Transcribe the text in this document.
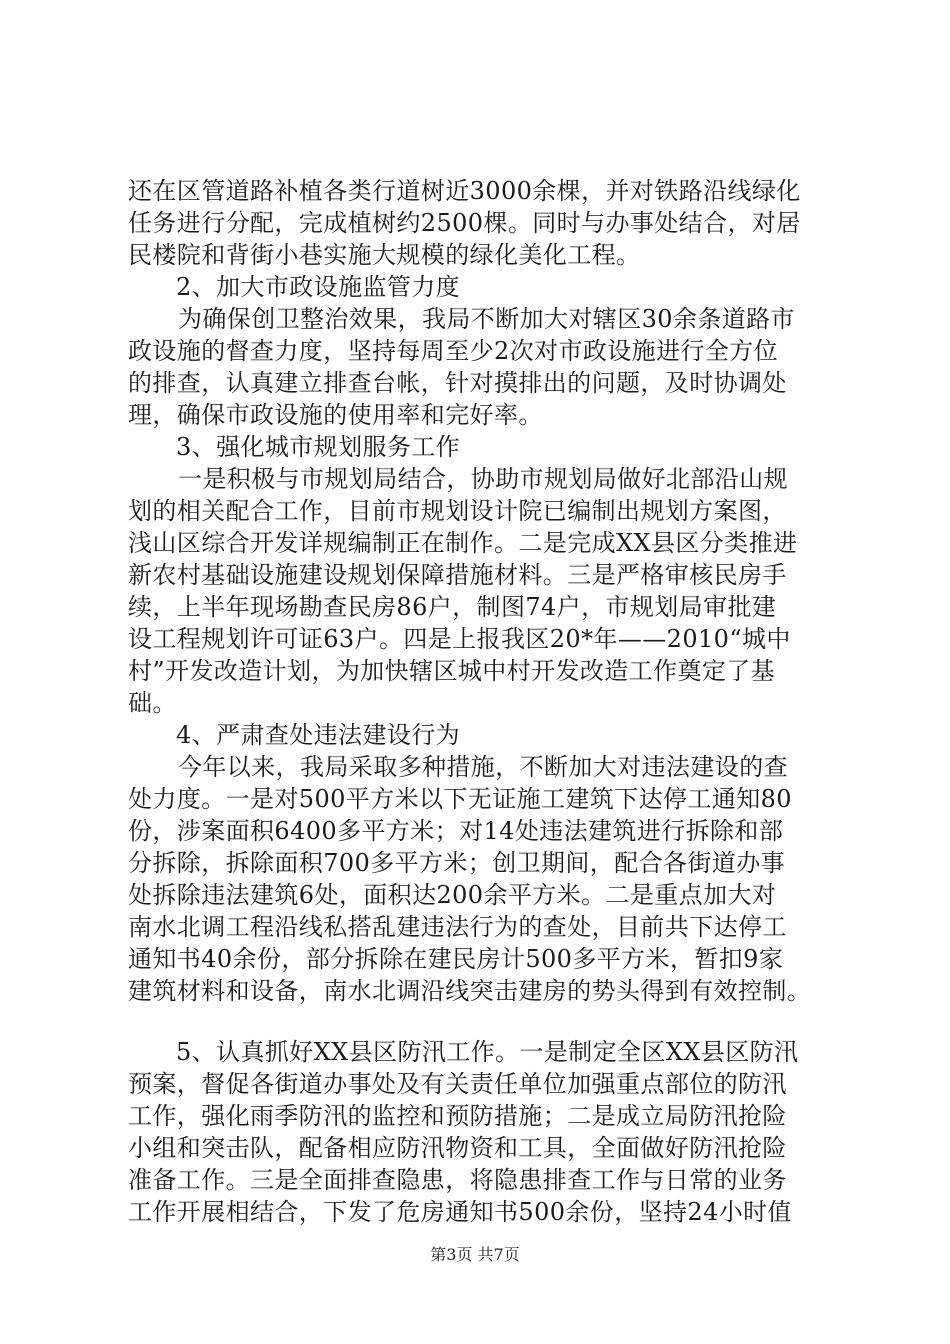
还在区管道路补植各类行道树近3000余棵，并对铁路沿线绿化
任务进行分配，完成植树约2500棵。同时与办事处结合，对居
民楼院和背街小巷实施大规模的绿化美化工程。
2、加大市政设施监管力度
为确保创卫整治效果，我局不断加大对辖区30余条道路市
政设施的督查力度，坚持每周至少2次对市政设施进行全方位
的排查，认真建立排查台帐，针对摸排出的问题，及时协调处
理，确保市政设施的使用率和完好率。
3、强化城市规划服务工作
一是积极与市规划局结合，协助市规划局做好北部沿山规
划的相关配合工作，目前市规划设计院已编制出规划方案图，
浅山区综合开发详规编制正在制作。二是完成XX县区分类推进
新农村基础设施建设规划保障措施材料。三是严格审核民房手
续，上半年现场勘查民房86户，制图74户，市规划局审批建
设工程规划许可证63户。四是上报我区20*年——2010“城中
村”开发改造计划，为加快辖区城中村开发改造工作奠定了基
础。
4、严肃查处违法建设行为
今年以来，我局采取多种措施，不断加大对违法建设的查
处力度。一是对500平方米以下无证施工建筑下达停工通知80
份，涉案面积6400多平方米；对14处违法建筑进行拆除和部
分拆除，拆除面积700多平方米；创卫期间，配合各街道办事
处拆除违法建筑6处，面积达200余平方米。二是重点加大对
南水北调工程沿线私搭乱建违法行为的查处，目前共下达停工
通知书40余份，部分拆除在建民房计500多平方米，暂扣9家
建筑材料和设备，南水北调沿线突击建房的势头得到有效控制。
5、认真抓好XX县区防汛工作。一是制定全区XX县区防汛
预案，督促各街道办事处及有关责任单位加强重点部位的防汛
工作，强化雨季防汛的监控和预防措施；二是成立局防汛抢险
小组和突击队，配备相应防汛物资和工具，全面做好防汛抢险
准备工作。三是全面排查隐患，将隐患排查工作与日常的业务
工作开展相结合，下发了危房通知书500余份，坚持24小时值
第3页 共7页
